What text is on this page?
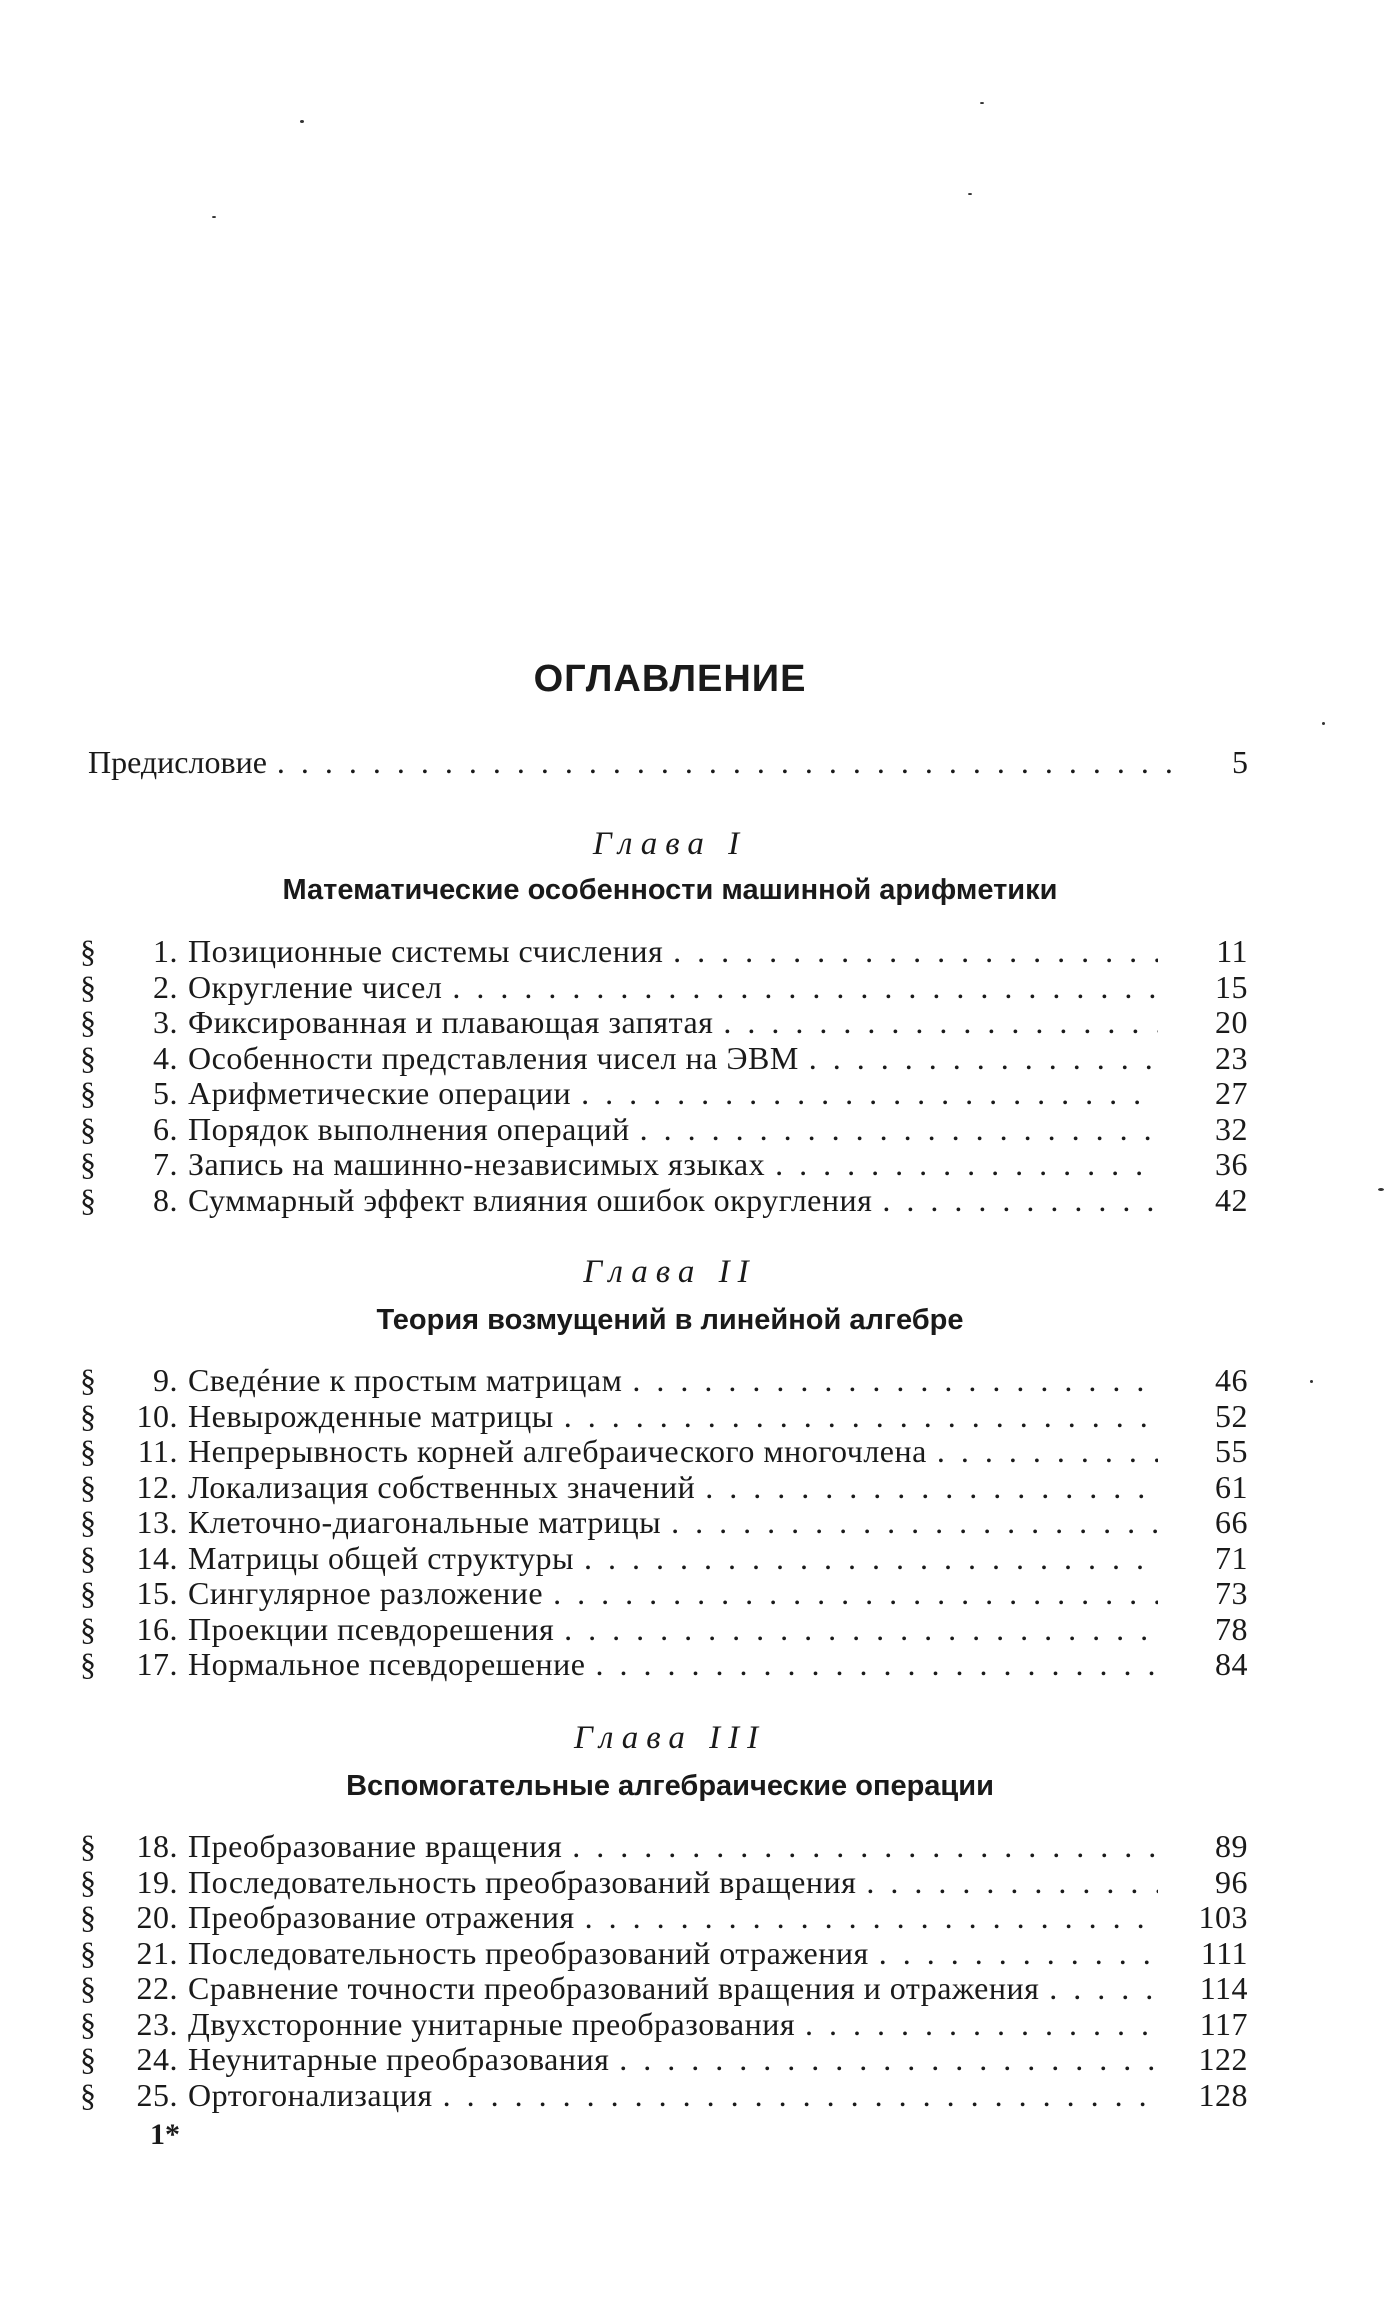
ОГЛАВЛЕНИЕ
Предисловие . . .	5
Глава I
Математические особенности машинной арифметики
§	1. Позиционные системы счисления . . .	11
§	2. Округление чисел . . .	15
§	3. Фиксированная и плавающая запятая . . .	20
§	4. Особенности представления чисел на ЭВМ . . .	23
§	5. Арифметические операции . . .	27
§	6. Порядок выполнения операций . . .	32
§	7. Запись на машинно-независимых языках . . .	36
§	8. Суммарный эффект влияния ошибок округления . . .	42
Глава II
Теория возмущений в линейной алгебре
§	9. Сведéние к простым матрицам . . .	46
§	10. Невырожденные матрицы . . .	52
§	11. Непрерывность корней алгебраического многочлена . . .	55
§	12. Локализация собственных значений . . .	61
§	13. Клеточно-диагональные матрицы . . .	66
§	14. Матрицы общей структуры . . .	71
§	15. Сингулярное разложение . . .	73
§	16. Проекции псевдорешения . . .	78
§	17. Нормальное псевдорешение . . .	84
Глава III
Вспомогательные алгебраические операции
§	18. Преобразование вращения . . .	89
§	19. Последовательность преобразований вращения . . .	96
§	20. Преобразование отражения . . .	103
§	21. Последовательность преобразований отражения . . .	111
§	22. Сравнение точности преобразований вращения и отражения . . .	114
§	23. Двухсторонние унитарные преобразования . . .	117
§	24. Неунитарные преобразования . . .	122
§	25. Ортогонализация . . .	128
1*
